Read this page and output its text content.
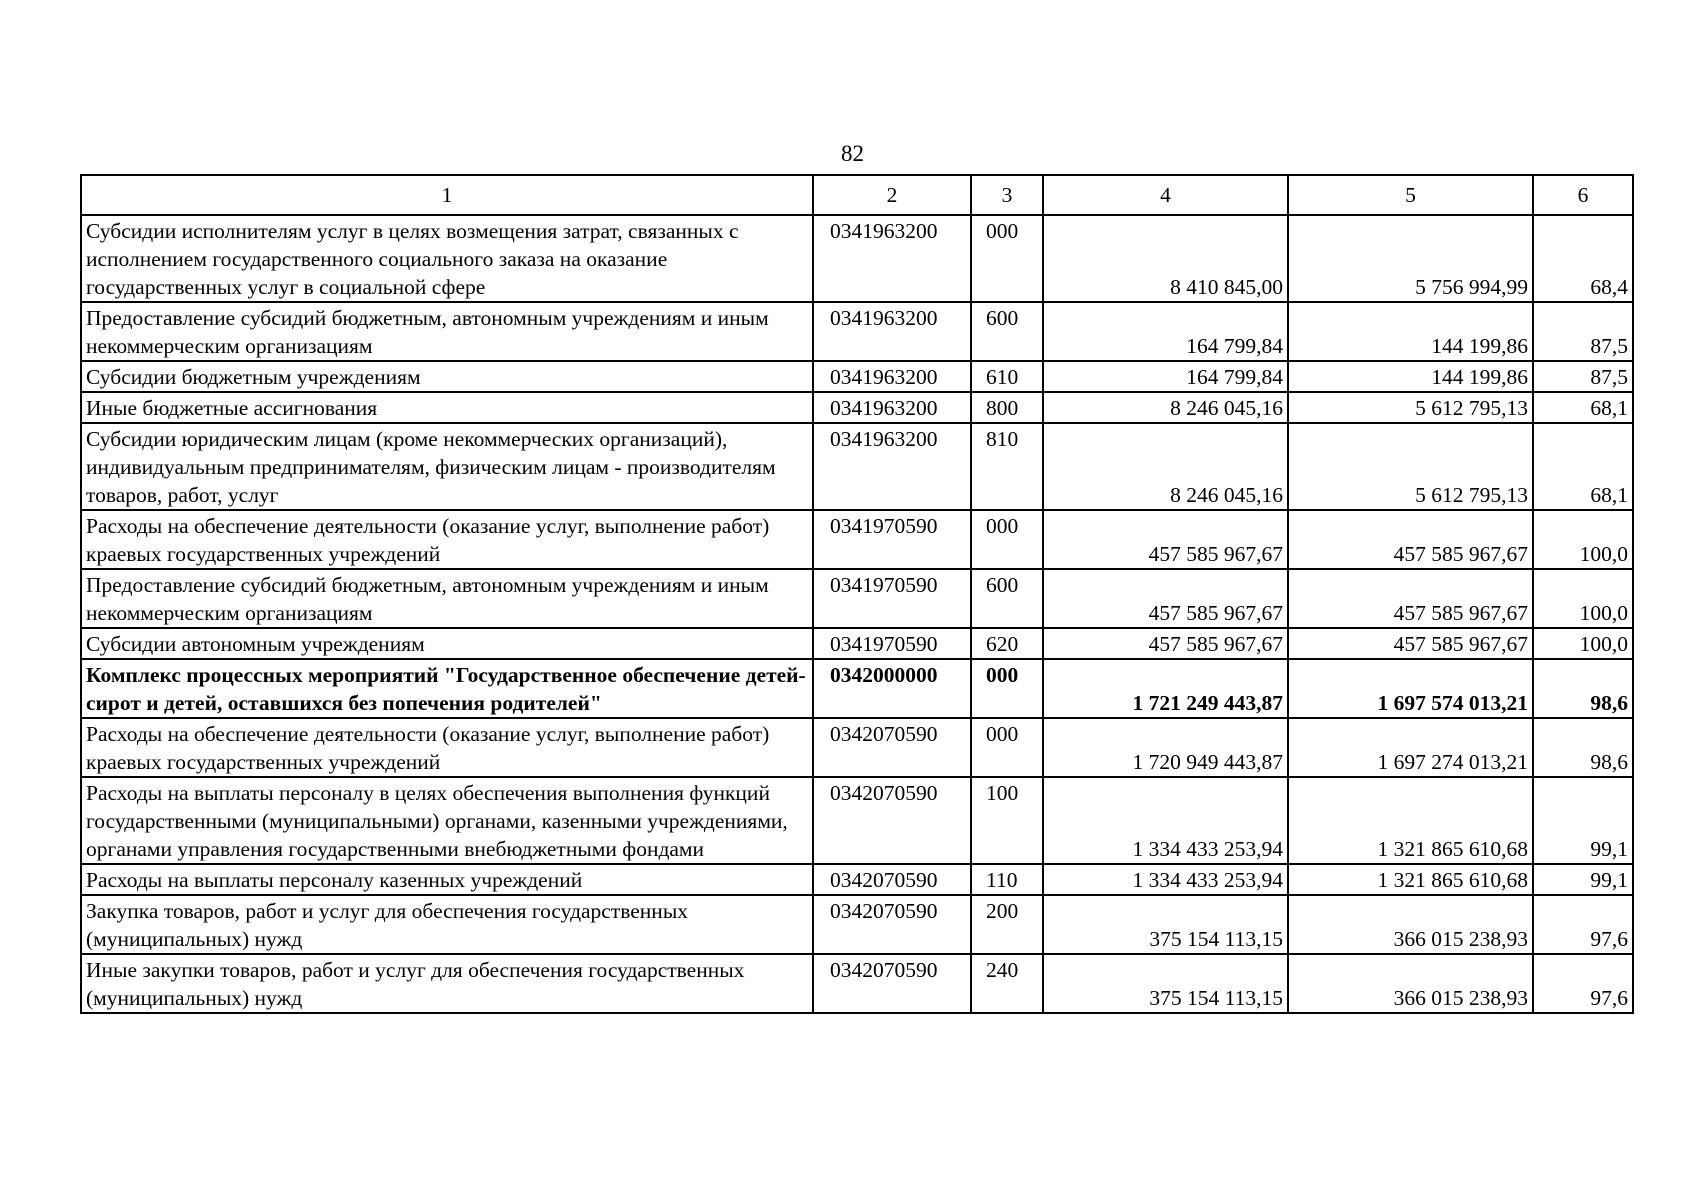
82
1	2	3	4	5	6
Субсидии исполнителям услуг в целях возмещения затрат, связанных с исполнением государственного социального заказа на оказание государственных услуг в социальной сфере	0341963200	000	8 410 845,00	5 756 994,99	68,4
Предоставление субсидий бюджетным, автономным учреждениям и иным некоммерческим организациям	0341963200	600	164 799,84	144 199,86	87,5
Субсидии бюджетным учреждениям	0341963200	610	164 799,84	144 199,86	87,5
Иные бюджетные ассигнования	0341963200	800	8 246 045,16	5 612 795,13	68,1
Субсидии юридическим лицам (кроме некоммерческих организаций), индивидуальным предпринимателям, физическим лицам - производителям товаров, работ, услуг	0341963200	810	8 246 045,16	5 612 795,13	68,1
Расходы на обеспечение деятельности (оказание услуг, выполнение работ) краевых государственных учреждений	0341970590	000	457 585 967,67	457 585 967,67	100,0
Предоставление субсидий бюджетным, автономным учреждениям и иным некоммерческим организациям	0341970590	600	457 585 967,67	457 585 967,67	100,0
Субсидии автономным учреждениям	0341970590	620	457 585 967,67	457 585 967,67	100,0
Комплекс процессных мероприятий "Государственное обеспечение детей-сирот и детей, оставшихся без попечения родителей"	0342000000	000	1 721 249 443,87	1 697 574 013,21	98,6
Расходы на обеспечение деятельности (оказание услуг, выполнение работ) краевых государственных учреждений	0342070590	000	1 720 949 443,87	1 697 274 013,21	98,6
Расходы на выплаты персоналу в целях обеспечения выполнения функций государственными (муниципальными) органами, казенными учреждениями, органами управления государственными внебюджетными фондами	0342070590	100	1 334 433 253,94	1 321 865 610,68	99,1
Расходы на выплаты персоналу казенных учреждений	0342070590	110	1 334 433 253,94	1 321 865 610,68	99,1
Закупка товаров, работ и услуг для обеспечения государственных (муниципальных) нужд	0342070590	200	375 154 113,15	366 015 238,93	97,6
Иные закупки товаров, работ и услуг для обеспечения государственных (муниципальных) нужд	0342070590	240	375 154 113,15	366 015 238,93	97,6
